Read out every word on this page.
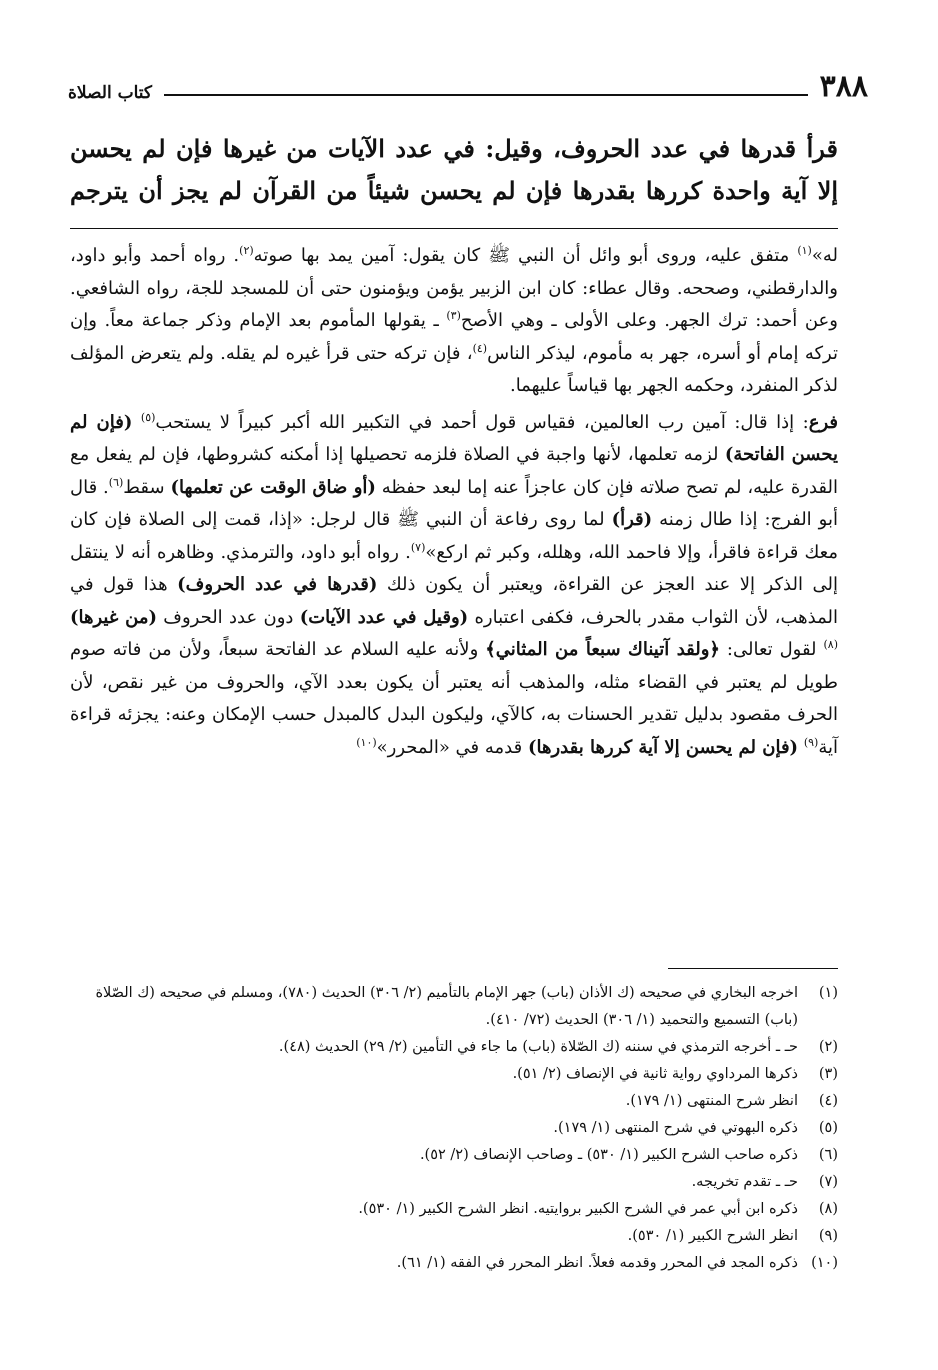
٣٨٨
كتاب الصلاة
قرأ قدرها في عدد الحروف، وقيل: في عدد الآيات من غيرها فإن لم يحسن
إلا آية واحدة كررها بقدرها فإن لم يحسن شيئاً من القرآن لم يجز أن يترجم

له»$^{(١)}$ متفق عليه، وروى أبو وائل أن النبي ﷺ كان يقول: آمين يمد بها صوته$^{(٢)}$. رواه أحمد وأبو داود، والدارقطني، وصححه. وقال عطاء: كان ابن الزبير يؤمن ويؤمنون حتى أن للمسجد للجة، رواه الشافعي. وعن أحمد: ترك الجهر. وعلى الأولى ـ وهي الأصح$^{(٣)}$ ـ يقولها المأموم بعد الإمام وذكر جماعة معاً. وإن تركه إمام أو أسره، جهر به مأموم، ليذكر الناس$^{(٤)}$، فإن تركه حتى قرأ غيره لم يقله. ولم يتعرض المؤلف لذكر المنفرد، وحكمه الجهر بها قياساً عليهما.

فرع: إذا قال: آمين رب العالمين، فقياس قول أحمد في التكبير الله أكبر كبيراً لا يستحب$^{(٥)}$ (فإن لم يحسن الفاتحة) لزمه تعلمها، لأنها واجبة في الصلاة فلزمه تحصيلها إذا أمكنه كشروطها، فإن لم يفعل مع القدرة عليه، لم تصح صلاته فإن كان عاجزاً عنه إما لبعد حفظه (أو ضاق الوقت عن تعلمها) سقط$^{(٦)}$. قال أبو الفرج: إذا طال زمنه (قرأ) لما روى رفاعة أن النبي ﷺ قال لرجل: «إذا، قمت إلى الصلاة فإن كان معك قراءة فاقرأ، وإلا فاحمد الله، وهلله، وكبر ثم اركع»$^{(٧)}$. رواه أبو داود، والترمذي. وظاهره أنه لا ينتقل إلى الذكر إلا عند العجز عن القراءة، ويعتبر أن يكون ذلك (قدرها في عدد الحروف) هذا قول في المذهب، لأن الثواب مقدر بالحرف، فكفى اعتباره (وقيل في عدد الآيات) دون عدد الحروف (من غيرها)$^{(٨)}$ لقول تعالى: ﴿ولقد آتيناك سبعاً من المثاني﴾ ولأنه عليه السلام عد الفاتحة سبعاً، ولأن من فاته صوم طويل لم يعتبر في القضاء مثله، والمذهب أنه يعتبر أن يكون بعدد الآي، والحروف من غير نقص، لأن الحرف مقصود بدليل تقدير الحسنات به، كالآي، وليكون البدل كالمبدل حسب الإمكان وعنه: يجزئه قراءة آية$^{(٩)}$ (فإن لم يحسن إلا آية كررها بقدرها) قدمه في «المحرر»$^{(١٠)}$

(١)
اخرجه البخاري في صحيحه (ك الأذان (باب) جهر الإمام بالتأميم (٢/ ٣٠٦) الحديث (٧٨٠)، ومسلم في صحيحه (ك الصّلاة (باب) التسميع والتحميد (١/ ٣٠٦) الحديث (٧٢/ ٤١٠).
(٢)
حـ ـ أخرجه الترمذي في سننه (ك الصّلاة (باب) ما جاء في التأمين (٢/ ٢٩) الحديث (٤٨).
(٣)
ذكرها المرداوي رواية ثانية في الإنصاف (٢/ ٥١).
(٤)
انظر شرح المنتهى (١/ ١٧٩).
(٥)
ذكره البهوتي في شرح المنتهى (١/ ١٧٩).
(٦)
ذكره صاحب الشرح الكبير (١/ ٥٣٠) ـ وصاحب الإنصاف (٢/ ٥٢).
(٧)
حـ ـ تقدم تخريجه.
(٨)
ذكره ابن أبي عمر في الشرح الكبير بروايتيه. انظر الشرح الكبير (١/ ٥٣٠).
(٩)
انظر الشرح الكبير (١/ ٥٣٠).
(١٠)
ذكره المجد في المحرر وقدمه فعلاً. انظر المحرر في الفقه (١/ ٦١).
